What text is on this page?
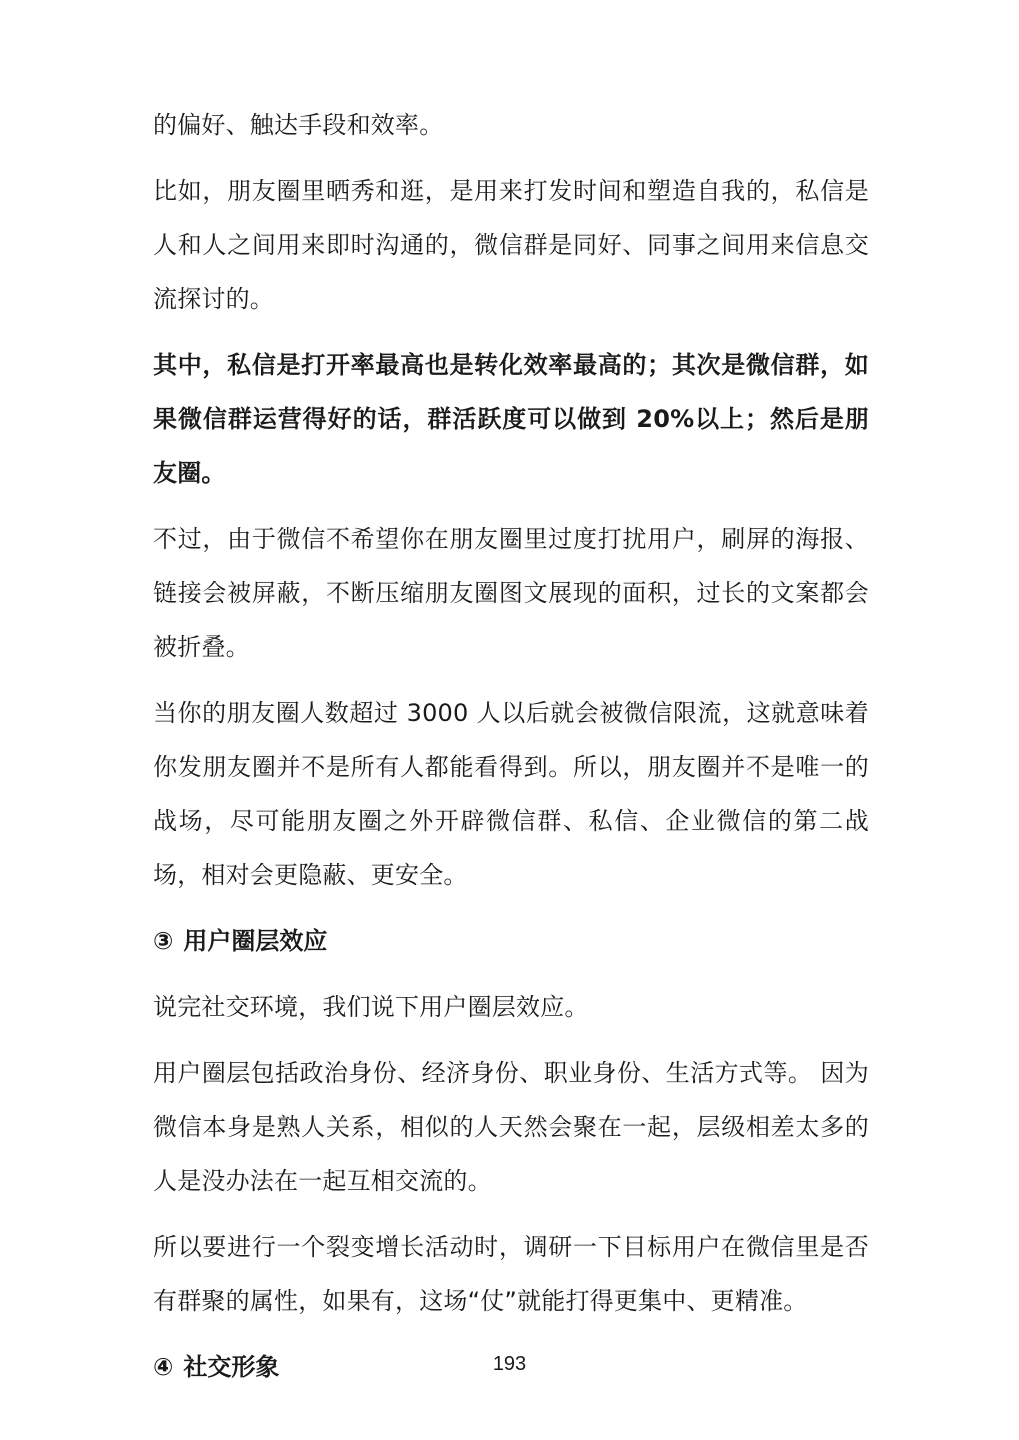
的偏好、触达手段和效率。

比如，朋友圈里晒秀和逛，是用来打发时间和塑造自我的，私信是人和人之间用来即时沟通的，微信群是同好、同事之间用来信息交流探讨的。

其中，私信是打开率最高也是转化效率最高的；其次是微信群，如果微信群运营得好的话，群活跃度可以做到 20%以上；然后是朋友圈。

不过，由于微信不希望你在朋友圈里过度打扰用户，刷屏的海报、链接会被屏蔽，不断压缩朋友圈图文展现的面积，过长的文案都会被折叠。

当你的朋友圈人数超过 3000 人以后就会被微信限流，这就意味着你发朋友圈并不是所有人都能看得到。所以，朋友圈并不是唯一的战场，尽可能朋友圈之外开辟微信群、私信、企业微信的第二战场，相对会更隐蔽、更安全。

③ 用户圈层效应

说完社交环境，我们说下用户圈层效应。

用户圈层包括政治身份、经济身份、职业身份、生活方式等。 因为微信本身是熟人关系，相似的人天然会聚在一起，层级相差太多的人是没办法在一起互相交流的。

所以要进行一个裂变增长活动时，调研一下目标用户在微信里是否有群聚的属性，如果有，这场“仗”就能打得更集中、更精准。

④ 社交形象	193
